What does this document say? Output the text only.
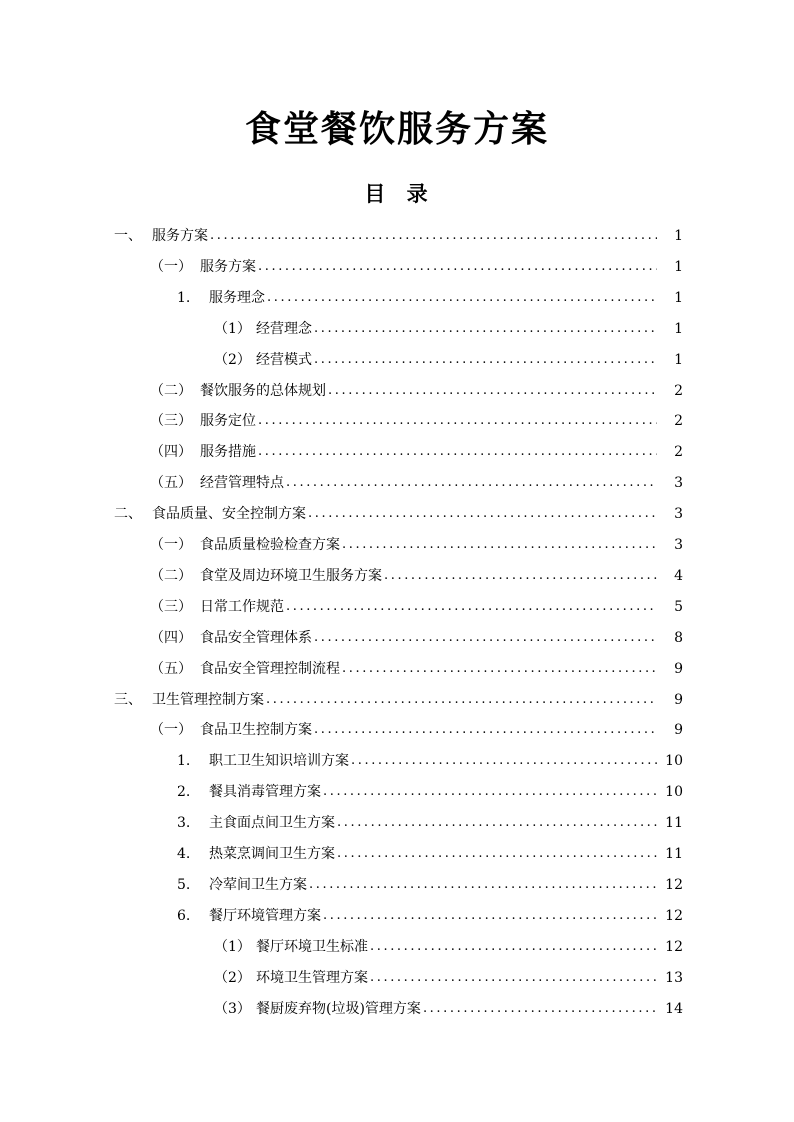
食堂餐饮服务方案
目 录
一、 服务方案 .....	1
（一） 服务方案 .....	1
1.	服务理念 .....	1
（1） 经营理念 .....	1
（2） 经营模式 .....	1
（二） 餐饮服务的总体规划 .....	2
（三） 服务定位 .....	2
（四） 服务措施 .....	2
（五） 经营管理特点 .....	3
二、 食品质量、安全控制方案 .....	3
（一） 食品质量检验检查方案 .....	3
（二） 食堂及周边环境卫生服务方案 .....	4
（三） 日常工作规范 .....	5
（四） 食品安全管理体系 .....	8
（五） 食品安全管理控制流程 .....	9
三、 卫生管理控制方案 .....	9
（一） 食品卫生控制方案 .....	9
1.	职工卫生知识培训方案 .....	10
2.	餐具消毒管理方案 .....	10
3.	主食面点间卫生方案 .....	11
4.	热菜烹调间卫生方案 .....	11
5.	冷荤间卫生方案 .....	12
6.	餐厅环境管理方案 .....	12
（1） 餐厅环境卫生标准 .....	12
（2） 环境卫生管理方案 .....	13
（3） 餐厨废弃物(垃圾)管理方案 .....	14
